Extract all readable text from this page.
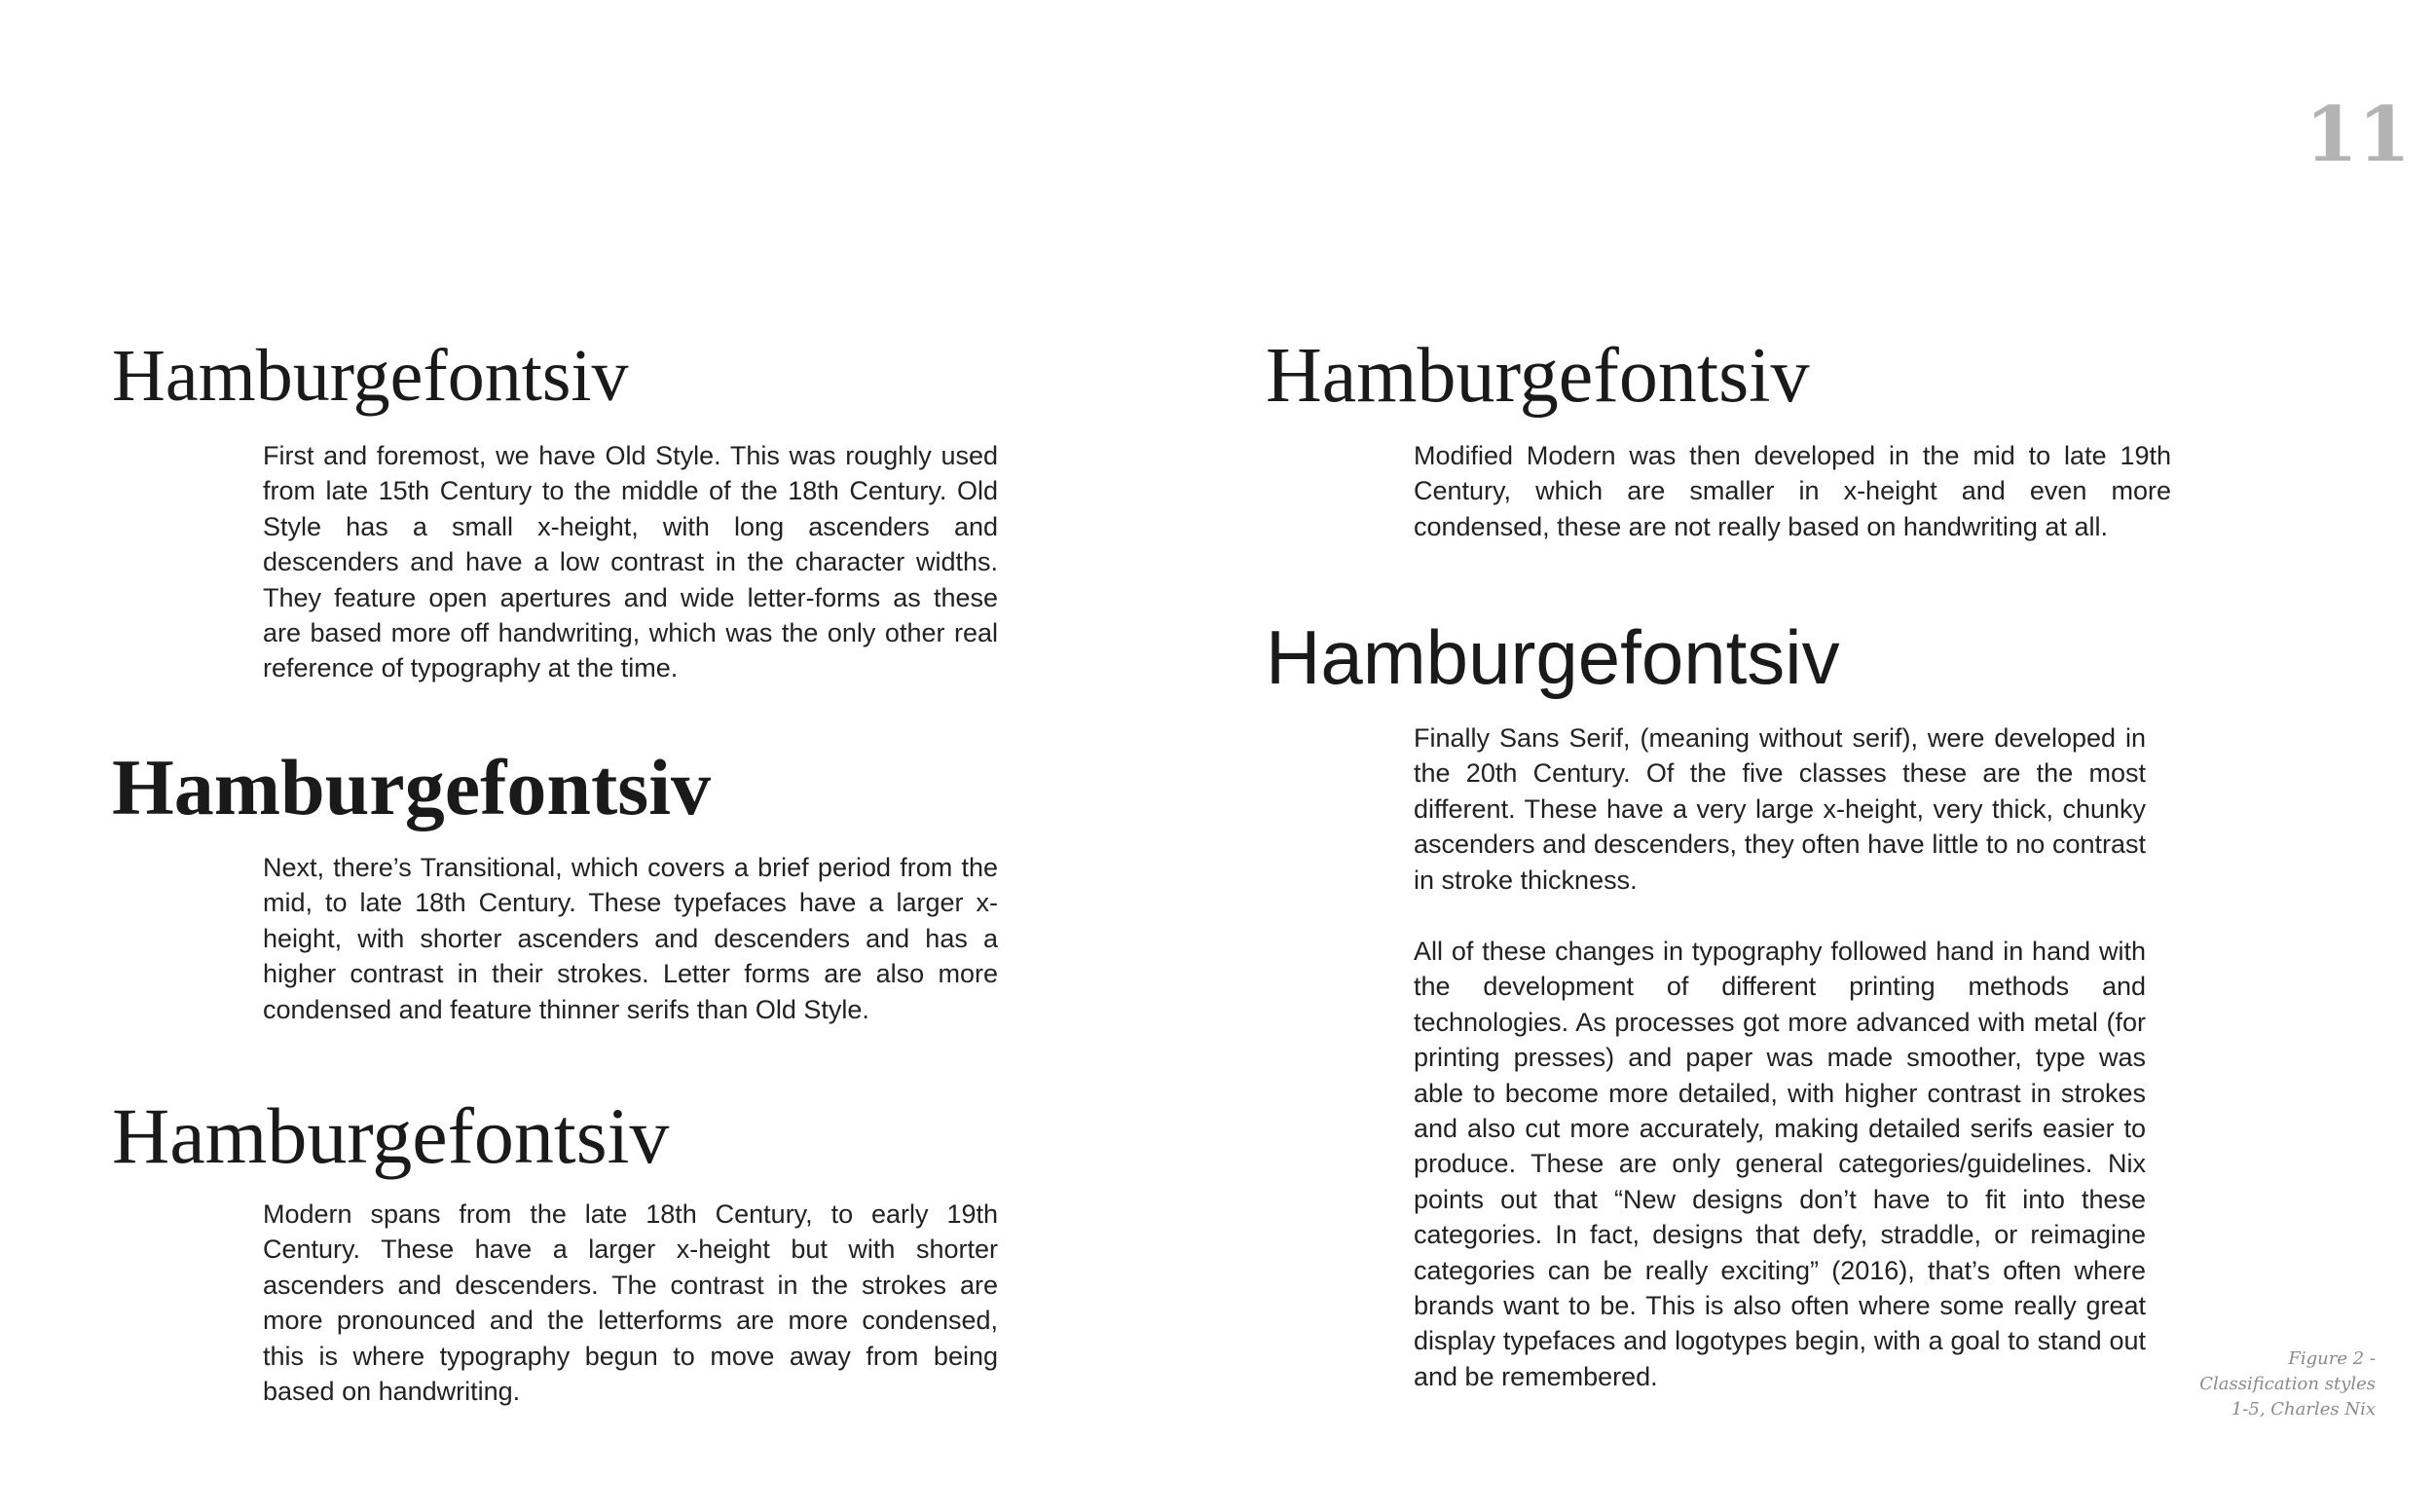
11
Hamburgefontsiv

First and foremost, we have Old Style. This was roughly used from late 15th Century to the middle of the 18th Century. Old Style has a small x-height, with long ascenders and descenders and have a low contrast in the character widths. They feature open apertures and wide letter-forms as these are based more off handwriting, which was the only other real reference of typography at the time.

Hamburgefontsiv

Next, there’s Transitional, which covers a brief period from the mid, to late 18th Century. These typefaces have a larger x-height, with shorter ascenders and descenders and has a higher contrast in their strokes. Letter forms are also more condensed and feature thinner serifs than Old Style.

Hamburgefontsiv

Modern spans from the late 18th Century, to early 19th Century. These have a larger x-height but with shorter ascenders and descenders. The contrast in the strokes are more pronounced and the letterforms are more condensed, this is where typography begun to move away from being based on handwriting.

Hamburgefontsiv

Modified Modern was then developed in the mid to late 19th Century, which are smaller in x-height and even more condensed, these are not really based on handwriting at all.

Hamburgefontsiv

Finally Sans Serif, (meaning without serif), were developed in the 20th Century. Of the five classes these are the most different. These have a very large x-height, very thick, chunky ascenders and descenders, they often have little to no contrast in stroke thickness.

All of these changes in typography followed hand in hand with the development of different printing methods and technologies. As processes got more advanced with metal (for printing presses) and paper was made smoother, type was able to become more detailed, with higher contrast in strokes and also cut more accurately, making detailed serifs easier to produce. These are only general categories/guidelines. Nix points out that “New designs don’t have to fit into these categories. In fact, designs that defy, straddle, or reimagine categories can be really exciting” (2016), that’s often where brands want to be. This is also often where some really great display typefaces and logotypes begin, with a goal to stand out and be remembered.

Figure 2 - Classification styles 1-5, Charles Nix
